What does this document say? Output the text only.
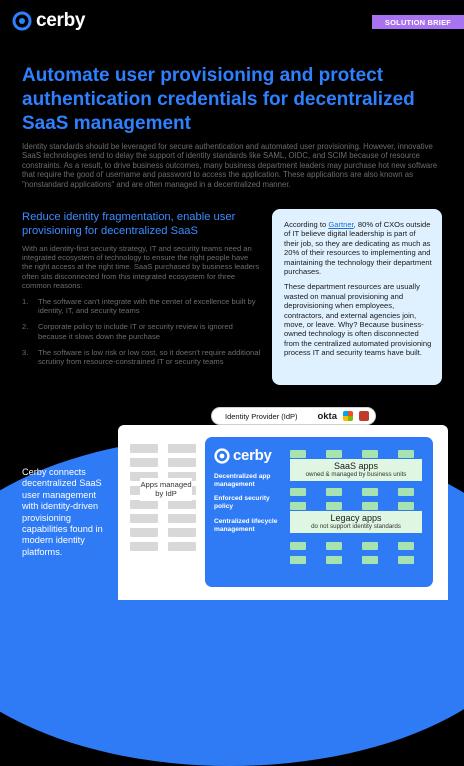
cerby	SOLUTION BRIEF
Automate user provisioning and protect authentication credentials for decentralized SaaS management
Identity standards should be leveraged for secure authentication and automated user provisioning. However, innovative SaaS technologies tend to delay the support of identity standards like SAML, OIDC, and SCIM because of resource constraints. As a result, to drive business outcomes, many business department leaders may purchase hot new software that require the good ol' username and password to access the application. These applications are also known as "nonstandard applications" and are often managed in a decentralized manner.
Reduce identity fragmentation, enable user provisioning for decentralized SaaS
With an identity-first security strategy, IT and security teams need an integrated ecosystem of technology to ensure the right people have the right access at the right time. SaaS purchased by business leaders often sits disconnected from this integrated ecosystem for three common reasons:
1.	The software can't integrate with the center of excellence built by identity, IT, and security teams
2.	Corporate policy to include IT or security review is ignored because it slows down the purchase
3.	The software is low risk or low cost, so it doesn't require additional scrutiny from resource-constrained IT or security teams

According to Gartner, 80% of CXOs outside of IT believe digital leadership is part of their job, so they are dedicating as much as 20% of their resources to implementing and maintaining the technology their department purchases.

These department resources are usually wasted on manual provisioning and deprovisioning when employees, contractors, and external agencies join, move, or leave. Why? Because business-owned technology is often disconnected from the centralized automated provisioning process IT and security teams have built.

Cerby connects decentralized SaaS user management with identity-driven provisioning capabilities found in modern identity platforms.
Apps managed by IdP
Identity Provider (IdP)	okta
cerby
Decentralized app management
Enforced security policy
Centralized lifecycle management
SaaS apps
owned & managed by business units
Legacy apps
do not support identity standards
